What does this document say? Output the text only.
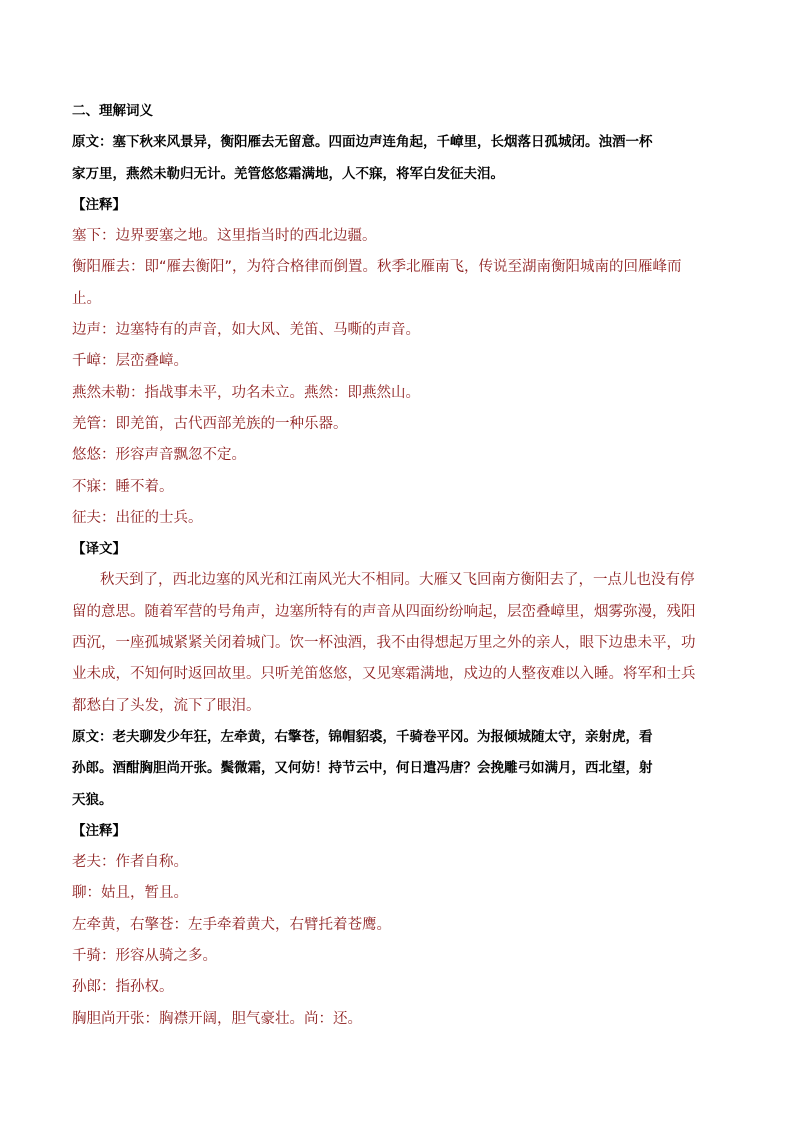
二、理解词义
原文：塞下秋来风景异，衡阳雁去无留意。四面边声连角起，千嶂里，长烟落日孤城闭。浊酒一杯
家万里，燕然未勒归无计。羌管悠悠霜满地，人不寐，将军白发征夫泪。
【注释】
塞下：边界要塞之地。这里指当时的西北边疆。
衡阳雁去：即“雁去衡阳”，为符合格律而倒置。秋季北雁南飞，传说至湖南衡阳城南的回雁峰而
止。
边声：边塞特有的声音，如大风、羌笛、马嘶的声音。
千嶂：层峦叠嶂。
燕然未勒：指战事未平，功名未立。燕然：即燕然山。
羌管：即羌笛，古代西部羌族的一种乐器。
悠悠：形容声音飘忽不定。
不寐：睡不着。
征夫：出征的士兵。
【译文】
秋天到了，西北边塞的风光和江南风光大不相同。大雁又飞回南方衡阳去了，一点儿也没有停
留的意思。随着军营的号角声，边塞所特有的声音从四面纷纷响起，层峦叠嶂里，烟雾弥漫，残阳
西沉，一座孤城紧紧关闭着城门。饮一杯浊酒，我不由得想起万里之外的亲人，眼下边患未平，功
业未成，不知何时返回故里。只听羌笛悠悠，又见寒霜满地，戍边的人整夜难以入睡。将军和士兵
都愁白了头发，流下了眼泪。
原文：老夫聊发少年狂，左牵黄，右擎苍，锦帽貂裘，千骑卷平冈。为报倾城随太守，亲射虎，看
孙郎。酒酣胸胆尚开张。鬓微霜，又何妨！持节云中，何日遣冯唐？会挽雕弓如满月，西北望，射
天狼。
【注释】
老夫：作者自称。
聊：姑且，暂且。
左牵黄，右擎苍：左手牵着黄犬，右臂托着苍鹰。
千骑：形容从骑之多。
孙郎：指孙权。
胸胆尚开张：胸襟开阔，胆气豪壮。尚：还。
